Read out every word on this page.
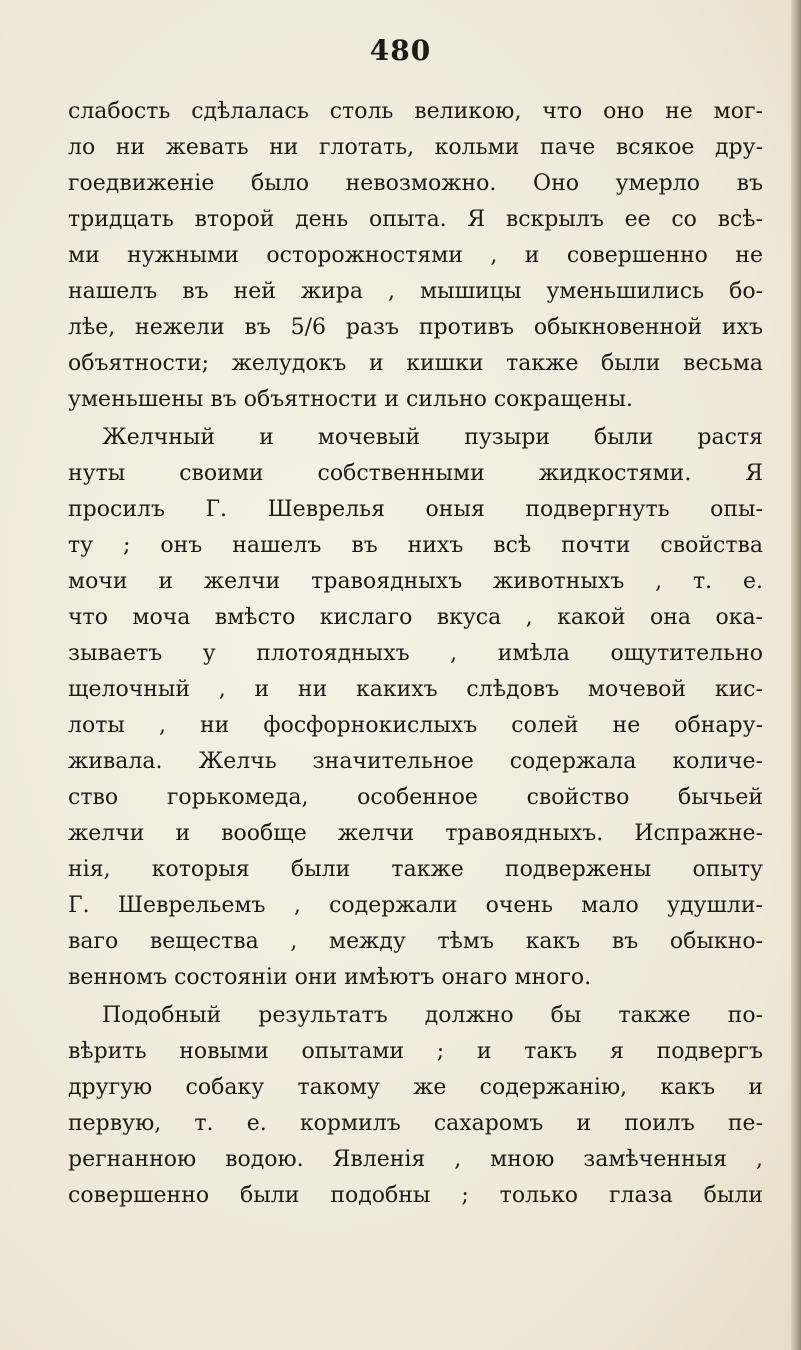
480
слабость сдѣлалась столь великою, что оно не мог-
ло ни жевать ни глотать, кольми паче всякое дру-
гоедвиженіе было невозможно. Оно умерло въ
тридцать второй день опыта. Я вскрылъ ее со всѣ-
ми нужными осторожностями , и совершенно не
нашелъ въ ней жира , мышицы уменьшились бо-
лѣе, нежели въ 5/6 разъ противъ обыкновенной ихъ
объятности; желудокъ и кишки также были весьма
уменьшены въ объятности и сильно сокращены.
Желчный и мочевый пузыри были растя
нуты своими собственными жидкостями. Я
просилъ Г. Шеврелья оныя подвергнуть опы-
ту ; онъ нашелъ въ нихъ всѣ почти свойства
мочи и желчи травоядныхъ животныхъ , т. е.
что моча вмѣсто кислаго вкуса , какой она ока-
зываетъ у плотоядныхъ , имѣла ощутительно
щелочный , и ни какихъ слѣдовъ мочевой кис-
лоты , ни фосфорнокислыхъ солей не обнару-
живала. Желчь значительное содержала количе-
ство горькомеда, особенное свойство бычьей
желчи и вообще желчи травоядныхъ. Испражне-
нія, которыя были также подвержены опыту
Г. Шеврельемъ , содержали очень мало удушли-
ваго вещества , между тѣмъ какъ въ обыкно-
венномъ состояніи они имѣютъ онаго много.
Подобный результатъ должно бы также по-
вѣрить новыми опытами ; и такъ я подвергъ
другую собаку такому же содержанію, какъ и
первую, т. е. кормилъ сахаромъ и поилъ пе-
регнанною водою. Явленія , мною замѣченныя ,
совершенно были подобны ; только глаза были
